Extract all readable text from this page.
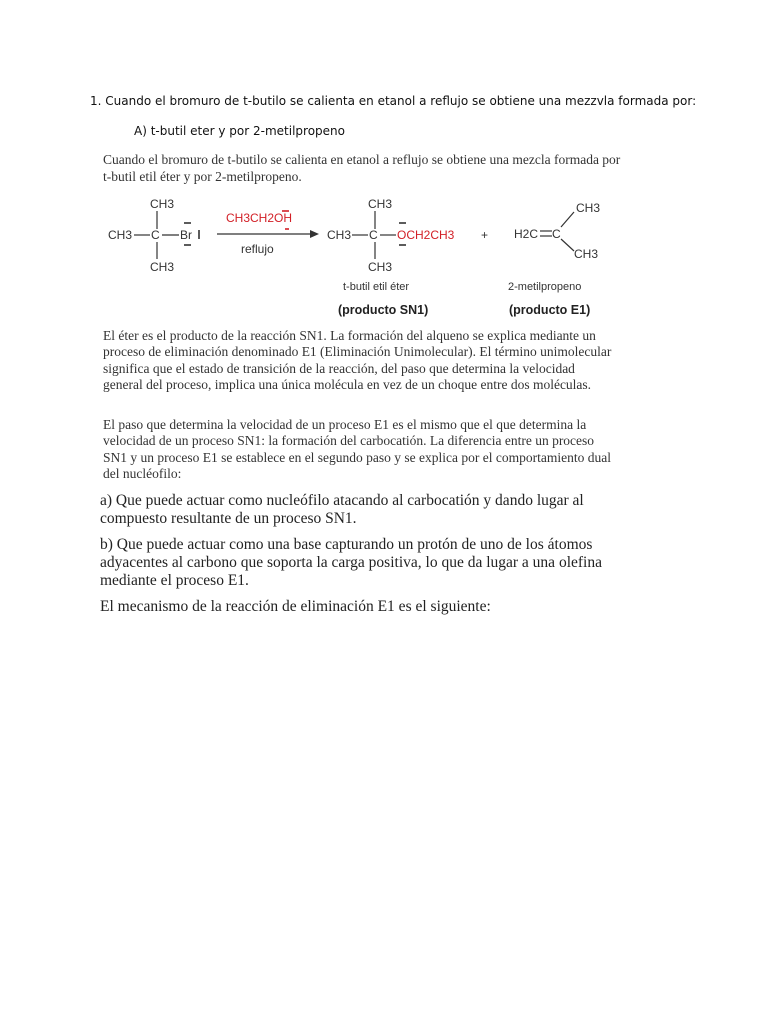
1. Cuando el bromuro de t-butilo se calienta en etanol a reflujo se obtiene una mezzvla formada por:
A) t-butil eter y por 2-metilpropeno
Cuando el bromuro de t-butilo se calienta en etanol a reflujo se obtiene una mezcla formada por t-butil etil éter y por 2-metilpropeno.
CH3
CH3 C Br
CH3
CH3CH2OH
reflujo
CH3
CH3 C OCH2CH3
CH3
+ H2C C
CH3
CH3
t-butil etil éter	2-metilpropeno
(producto SN1)	(producto E1)

El éter es el producto de la reacción SN1. La formación del alqueno se explica mediante un proceso de eliminación denominado E1 (Eliminación Unimolecular). El término unimolecular significa que el estado de transición de la reacción, del paso que determina la velocidad general del proceso, implica una única molécula en vez de un choque entre dos moléculas.

El paso que determina la velocidad de un proceso E1 es el mismo que el que determina la velocidad de un proceso SN1: la formación del carbocatión. La diferencia entre un proceso SN1 y un proceso E1 se establece en el segundo paso y se explica por el comportamiento dual del nucléofilo:

a) Que puede actuar como nucleófilo atacando al carbocatión y dando lugar al compuesto resultante de un proceso SN1.

b) Que puede actuar como una base capturando un protón de uno de los átomos adyacentes al carbono que soporta la carga positiva, lo que da lugar a una olefina mediante el proceso E1.

El mecanismo de la reacción de eliminación E1 es el siguiente:
